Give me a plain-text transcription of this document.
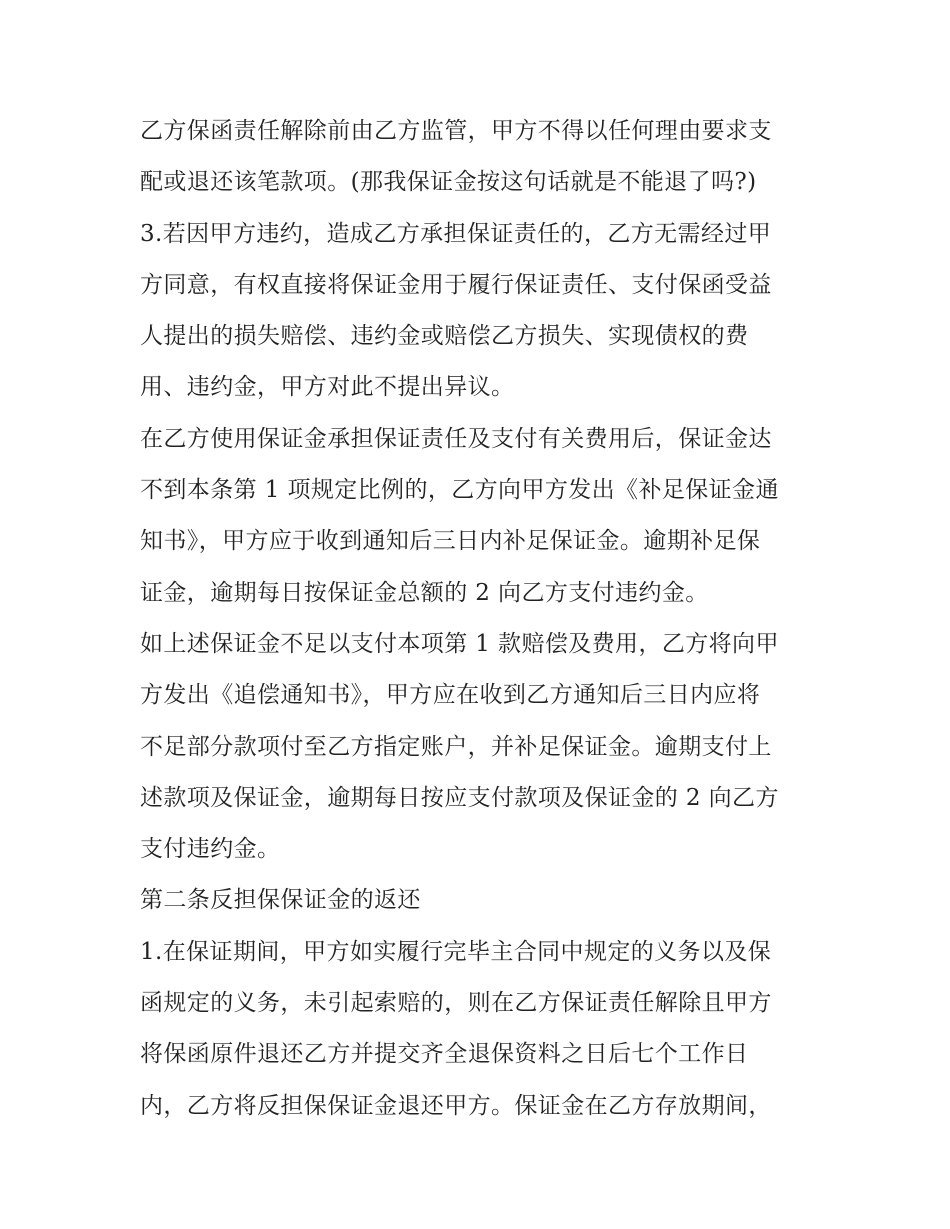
乙方保函责任解除前由乙方监管，甲方不得以任何理由要求支
配或退还该笔款项。(那我保证金按这句话就是不能退了吗?)
3.若因甲方违约，造成乙方承担保证责任的，乙方无需经过甲
方同意，有权直接将保证金用于履行保证责任、支付保函受益
人提出的损失赔偿、违约金或赔偿乙方损失、实现债权的费
用、违约金，甲方对此不提出异议。
在乙方使用保证金承担保证责任及支付有关费用后，保证金达
不到本条第 1 项规定比例的，乙方向甲方发出《补足保证金通
知书》，甲方应于收到通知后三日内补足保证金。逾期补足保
证金，逾期每日按保证金总额的 2 向乙方支付违约金。
如上述保证金不足以支付本项第 1 款赔偿及费用，乙方将向甲
方发出《追偿通知书》，甲方应在收到乙方通知后三日内应将
不足部分款项付至乙方指定账户，并补足保证金。逾期支付上
述款项及保证金，逾期每日按应支付款项及保证金的 2 向乙方
支付违约金。
第二条反担保保证金的返还
1.在保证期间，甲方如实履行完毕主合同中规定的义务以及保
函规定的义务，未引起索赔的，则在乙方保证责任解除且甲方
将保函原件退还乙方并提交齐全退保资料之日后七个工作日
内，乙方将反担保保证金退还甲方。保证金在乙方存放期间，
